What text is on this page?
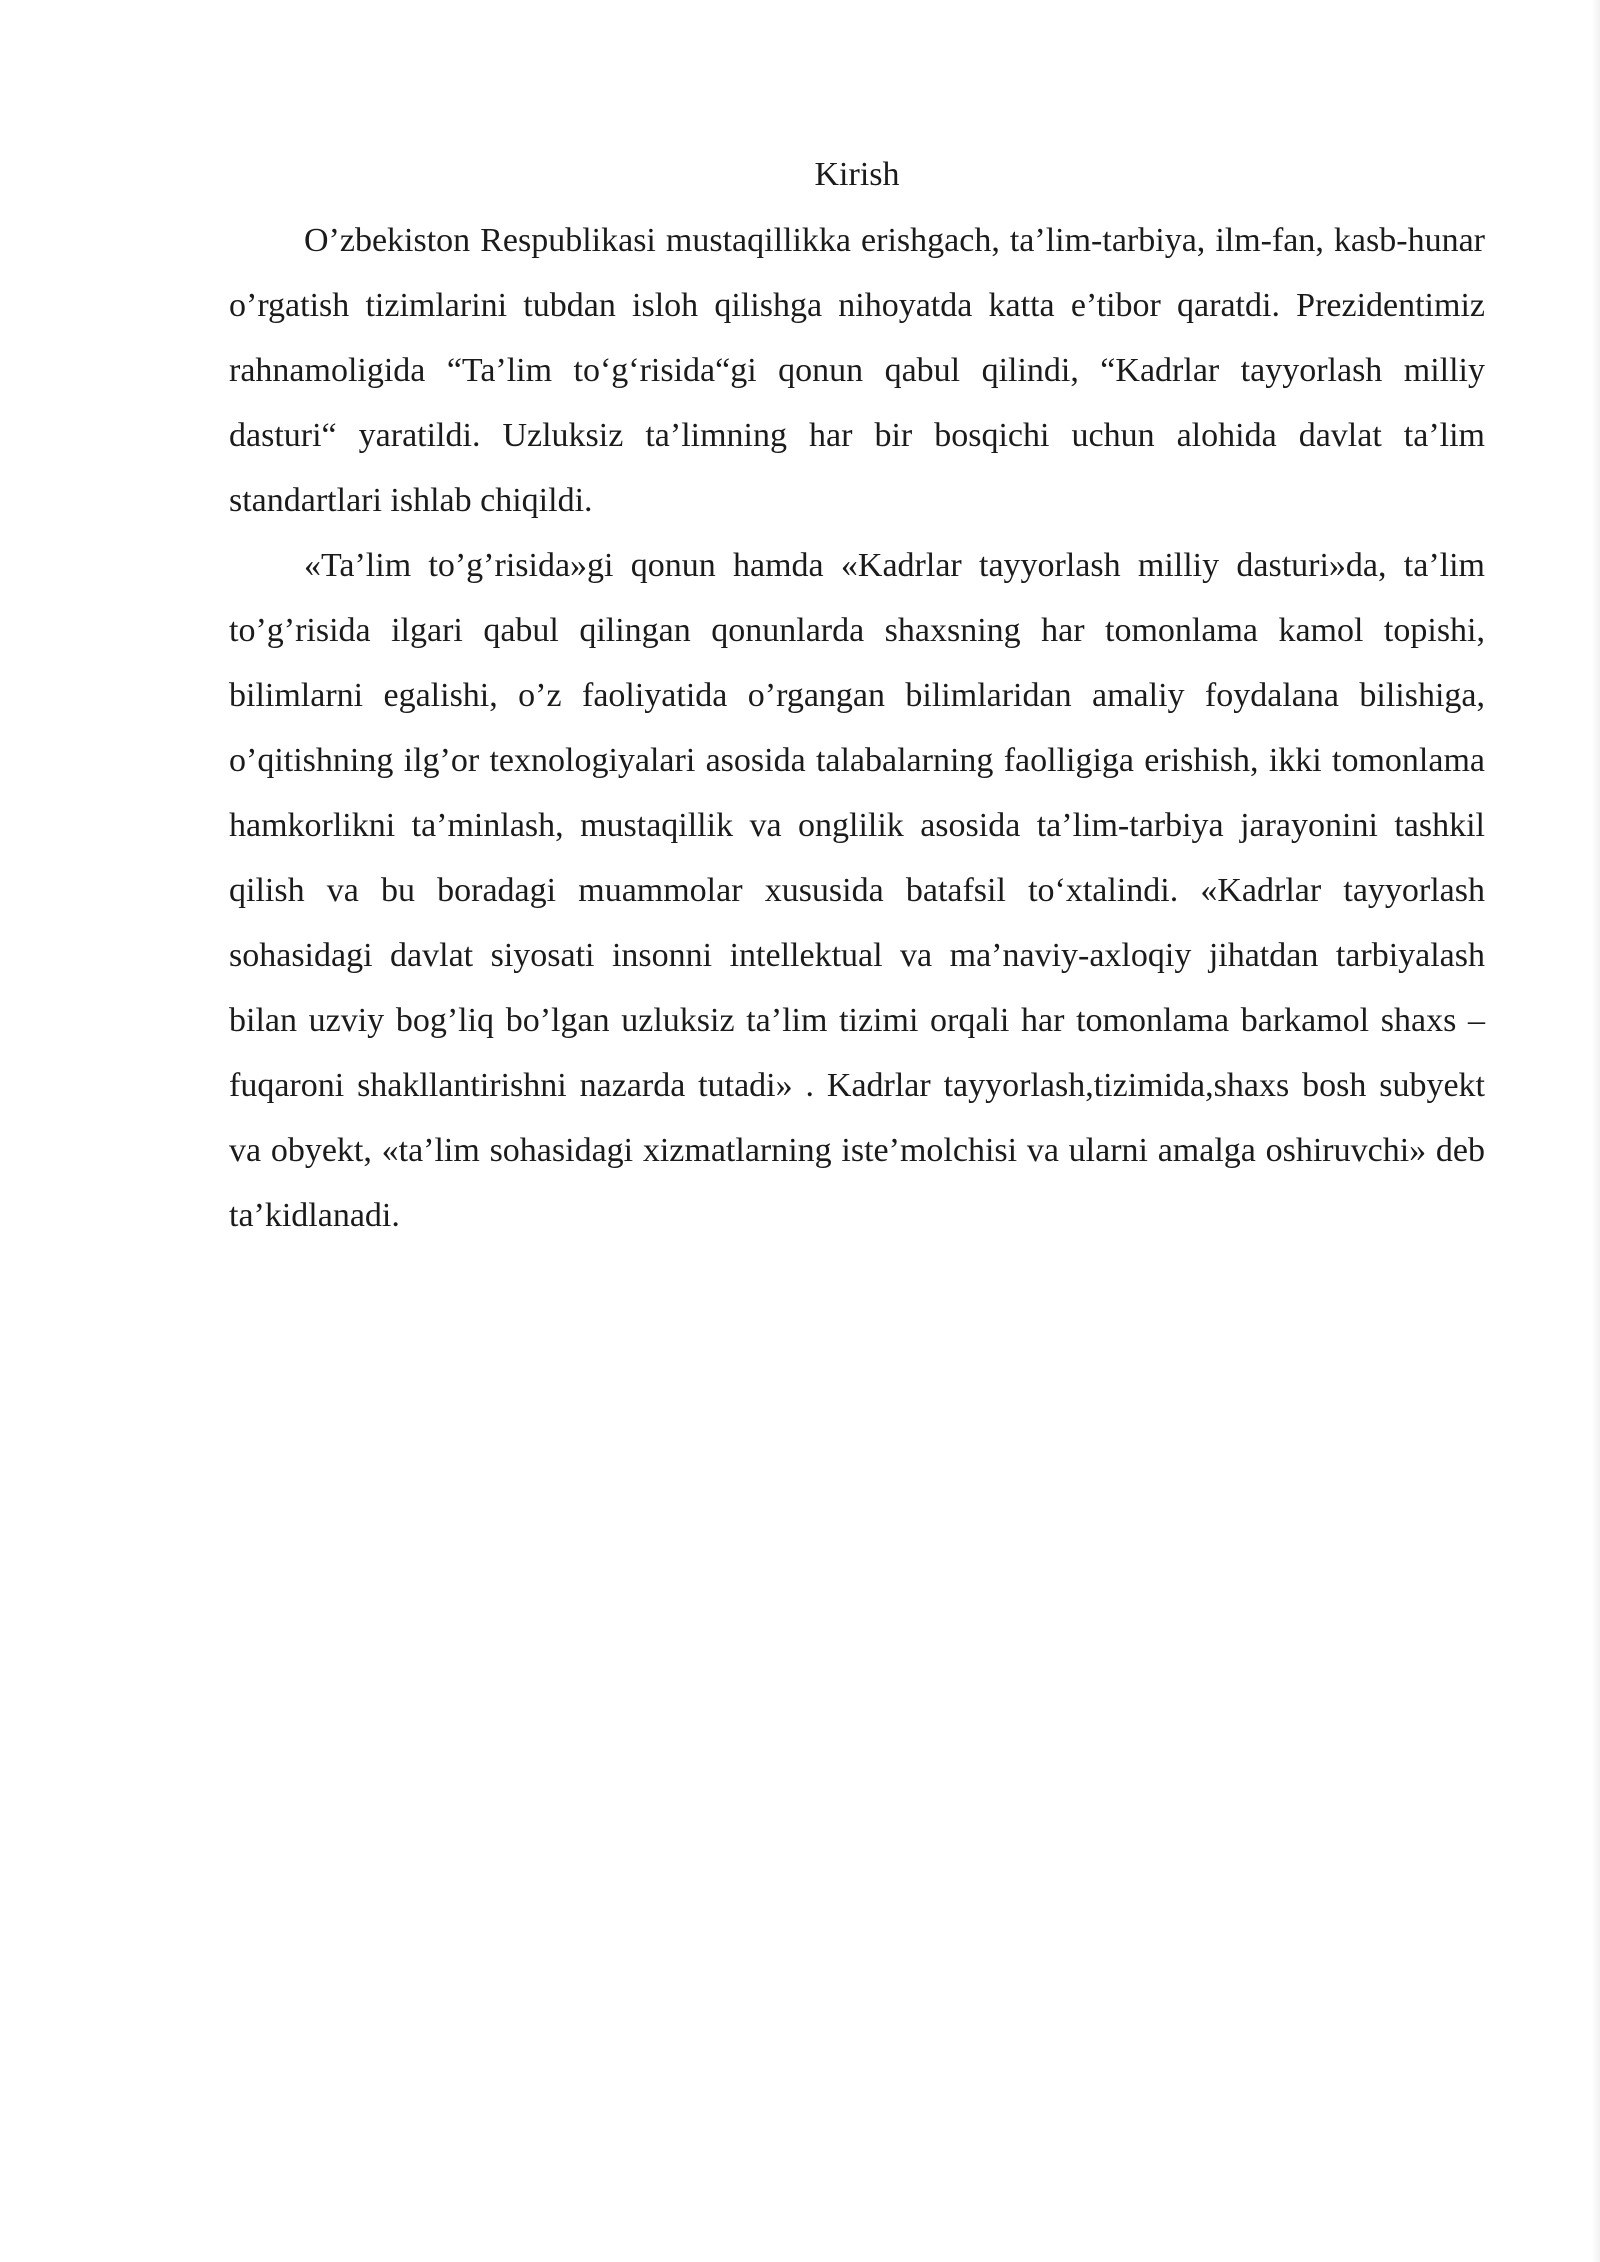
Kirish

O’zbekiston Respublikasi mustaqillikka erishgach, ta’lim-tarbiya, ilm-fan, kasb-hunar o’rgatish tizimlarini tubdan isloh qilishga nihoyatda katta e’tibor qaratdi. Prezidentimiz rahnamoligida “Ta’lim to‘g‘risida“gi qonun qabul qilindi, “Kadrlar tayyorlash milliy dasturi“ yaratildi. Uzluksiz ta’limning har bir bosqichi uchun alohida davlat ta’lim standartlari ishlab chiqildi.

«Ta’lim to’g’risida»gi qonun hamda «Kadrlar tayyorlash milliy dasturi»da, ta’lim to’g’risida ilgari qabul qilingan qonunlarda shaxsning har tomonlama kamol topishi, bilimlarni egalishi, o’z faoliyatida o’rgangan bilimlaridan amaliy foydalana bilishiga, o’qitishning ilg’or texnologiyalari asosida talabalarning faolligiga erishish, ikki tomonlama hamkorlikni ta’minlash, mustaqillik va onglilik asosida ta’lim-tarbiya jarayonini tashkil qilish va bu boradagi muammolar xususida batafsil to‘xtalindi. «Kadrlar tayyorlash sohasidagi davlat siyosati insonni intellektual va ma’naviy-axloqiy jihatdan tarbiyalash bilan uzviy bog’liq bo’lgan uzluksiz ta’lim tizimi orqali har tomonlama barkamol shaxs – fuqaroni shakllantirishni nazarda tutadi» . Kadrlar tayyorlash,tizimida,shaxs bosh subyekt va obyekt, «ta’lim sohasidagi xizmatlarning iste’molchisi va ularni amalga oshiruvchi» deb ta’kidlanadi.
